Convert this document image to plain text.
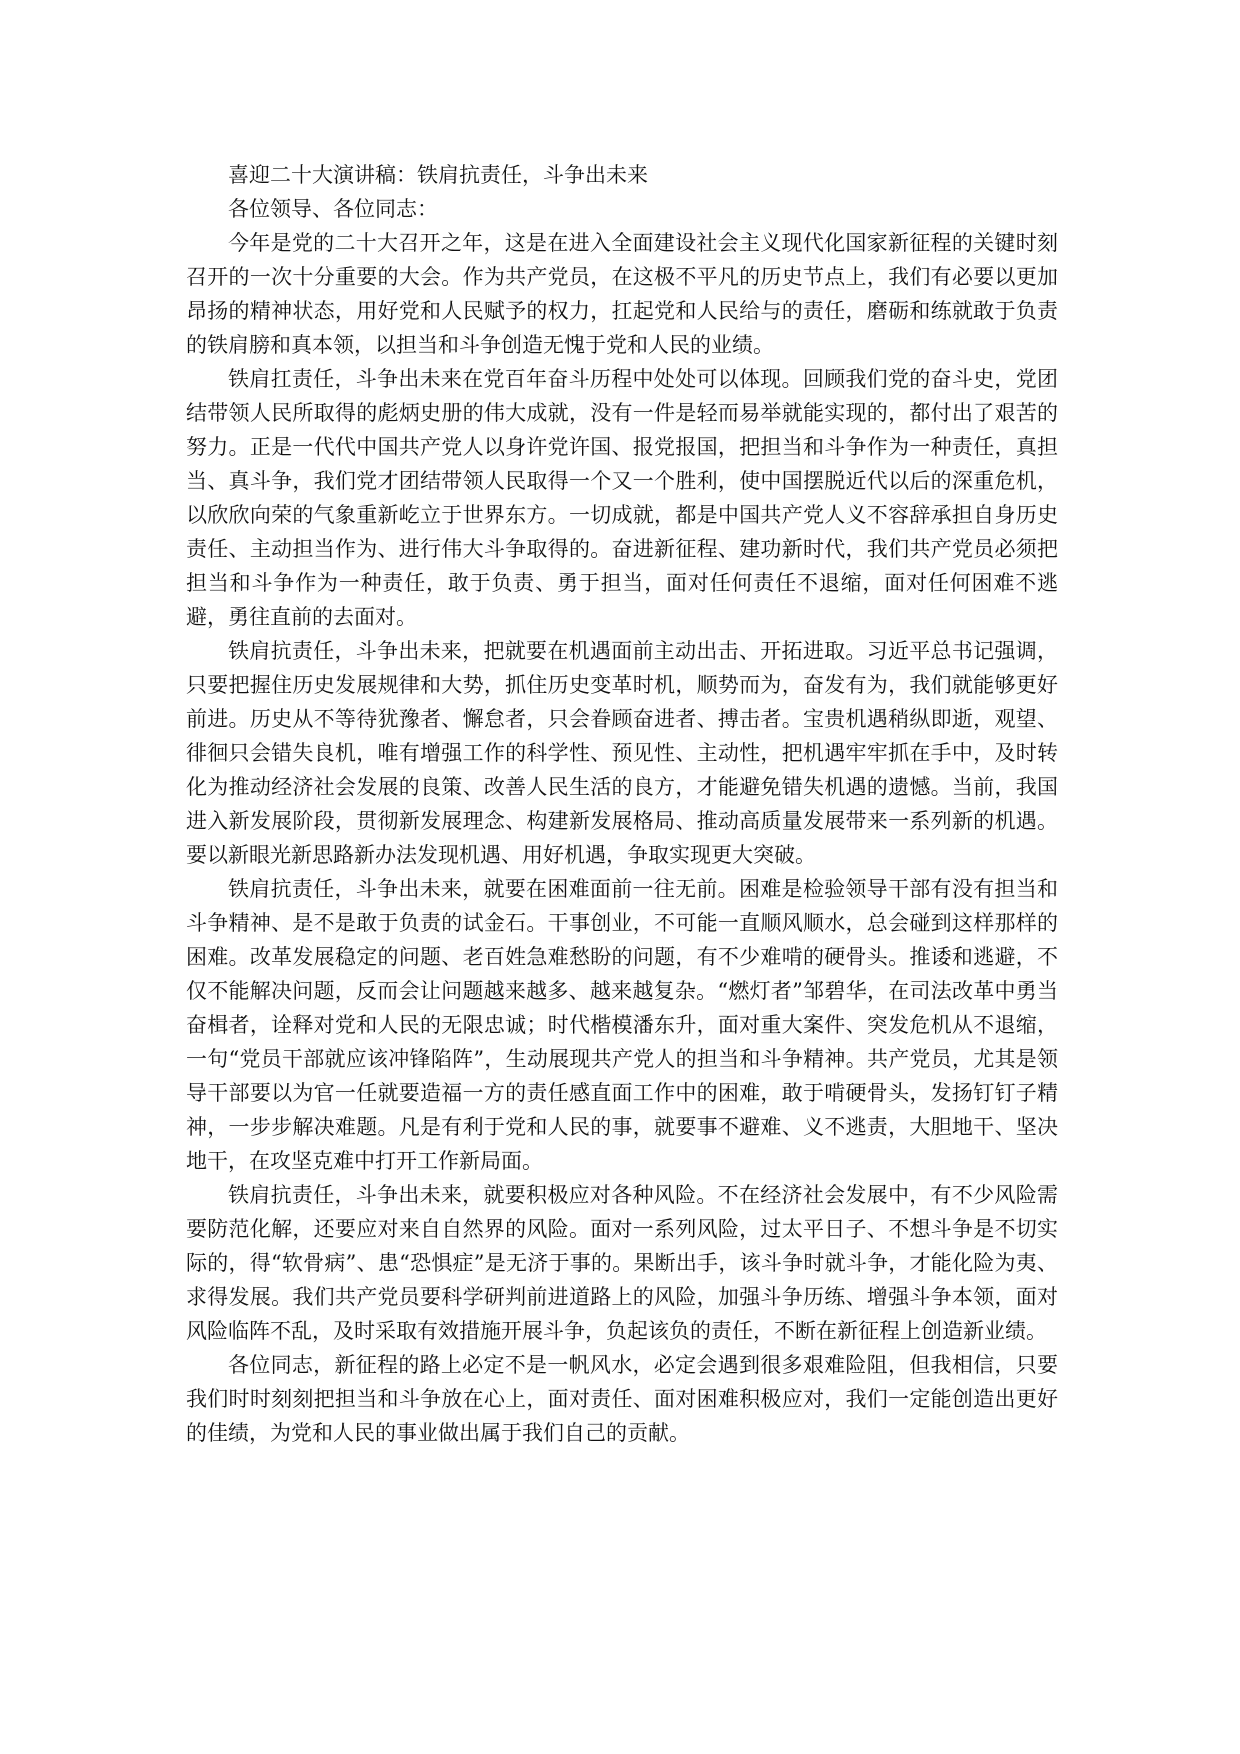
喜迎二十大演讲稿：铁肩抗责任，斗争出未来

各位领导、各位同志：

今年是党的二十大召开之年，这是在进入全面建设社会主义现代化国家新征程的关键时刻召开的一次十分重要的大会。作为共产党员，在这极不平凡的历史节点上，我们有必要以更加昂扬的精神状态，用好党和人民赋予的权力，扛起党和人民给与的责任，磨砺和练就敢于负责的铁肩膀和真本领，以担当和斗争创造无愧于党和人民的业绩。

铁肩扛责任，斗争出未来在党百年奋斗历程中处处可以体现。回顾我们党的奋斗史，党团结带领人民所取得的彪炳史册的伟大成就，没有一件是轻而易举就能实现的，都付出了艰苦的努力。正是一代代中国共产党人以身许党许国、报党报国，把担当和斗争作为一种责任，真担当、真斗争，我们党才团结带领人民取得一个又一个胜利，使中国摆脱近代以后的深重危机，以欣欣向荣的气象重新屹立于世界东方。一切成就，都是中国共产党人义不容辞承担自身历史责任、主动担当作为、进行伟大斗争取得的。奋进新征程、建功新时代，我们共产党员必须把担当和斗争作为一种责任，敢于负责、勇于担当，面对任何责任不退缩，面对任何困难不逃避，勇往直前的去面对。

铁肩抗责任，斗争出未来，把就要在机遇面前主动出击、开拓进取。习近平总书记强调，只要把握住历史发展规律和大势，抓住历史变革时机，顺势而为，奋发有为，我们就能够更好前进。历史从不等待犹豫者、懈怠者，只会眷顾奋进者、搏击者。宝贵机遇稍纵即逝，观望、徘徊只会错失良机，唯有增强工作的科学性、预见性、主动性，把机遇牢牢抓在手中，及时转化为推动经济社会发展的良策、改善人民生活的良方，才能避免错失机遇的遗憾。当前，我国进入新发展阶段，贯彻新发展理念、构建新发展格局、推动高质量发展带来一系列新的机遇。要以新眼光新思路新办法发现机遇、用好机遇，争取实现更大突破。

铁肩抗责任，斗争出未来，就要在困难面前一往无前。困难是检验领导干部有没有担当和斗争精神、是不是敢于负责的试金石。干事创业，不可能一直顺风顺水，总会碰到这样那样的困难。改革发展稳定的问题、老百姓急难愁盼的问题，有不少难啃的硬骨头。推诿和逃避，不仅不能解决问题，反而会让问题越来越多、越来越复杂。“燃灯者”邹碧华，在司法改革中勇当奋楫者，诠释对党和人民的无限忠诚；时代楷模潘东升，面对重大案件、突发危机从不退缩，一句“党员干部就应该冲锋陷阵”，生动展现共产党人的担当和斗争精神。共产党员，尤其是领导干部要以为官一任就要造福一方的责任感直面工作中的困难，敢于啃硬骨头，发扬钉钉子精神，一步步解决难题。凡是有利于党和人民的事，就要事不避难、义不逃责，大胆地干、坚决地干，在攻坚克难中打开工作新局面。

铁肩抗责任，斗争出未来，就要积极应对各种风险。不在经济社会发展中，有不少风险需要防范化解，还要应对来自自然界的风险。面对一系列风险，过太平日子、不想斗争是不切实际的，得“软骨病”、患“恐惧症”是无济于事的。果断出手，该斗争时就斗争，才能化险为夷、求得发展。我们共产党员要科学研判前进道路上的风险，加强斗争历练、增强斗争本领，面对风险临阵不乱，及时采取有效措施开展斗争，负起该负的责任，不断在新征程上创造新业绩。

各位同志，新征程的路上必定不是一帆风水，必定会遇到很多艰难险阻，但我相信，只要我们时时刻刻把担当和斗争放在心上，面对责任、面对困难积极应对，我们一定能创造出更好的佳绩，为党和人民的事业做出属于我们自己的贡献。
